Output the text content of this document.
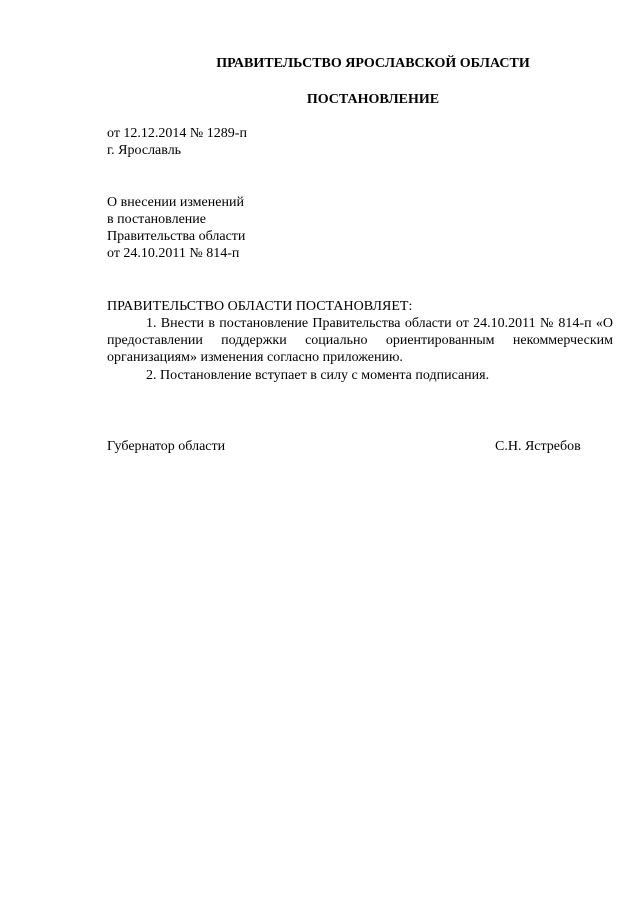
ПРАВИТЕЛЬСТВО ЯРОСЛАВСКОЙ ОБЛАСТИ
ПОСТАНОВЛЕНИЕ
от 12.12.2014 № 1289-п
г. Ярославль
О внесении изменений
в постановление
Правительства области
от 24.10.2011 № 814-п
ПРАВИТЕЛЬСТВО ОБЛАСТИ ПОСТАНОВЛЯЕТ:
1. Внести в постановление Правительства области от 24.10.2011 № 814-п «О предоставлении поддержки социально ориентированным некоммерческим организациям» изменения согласно приложению.
2. Постановление вступает в силу с момента подписания.
Губернатор области	С.Н. Ястребов
